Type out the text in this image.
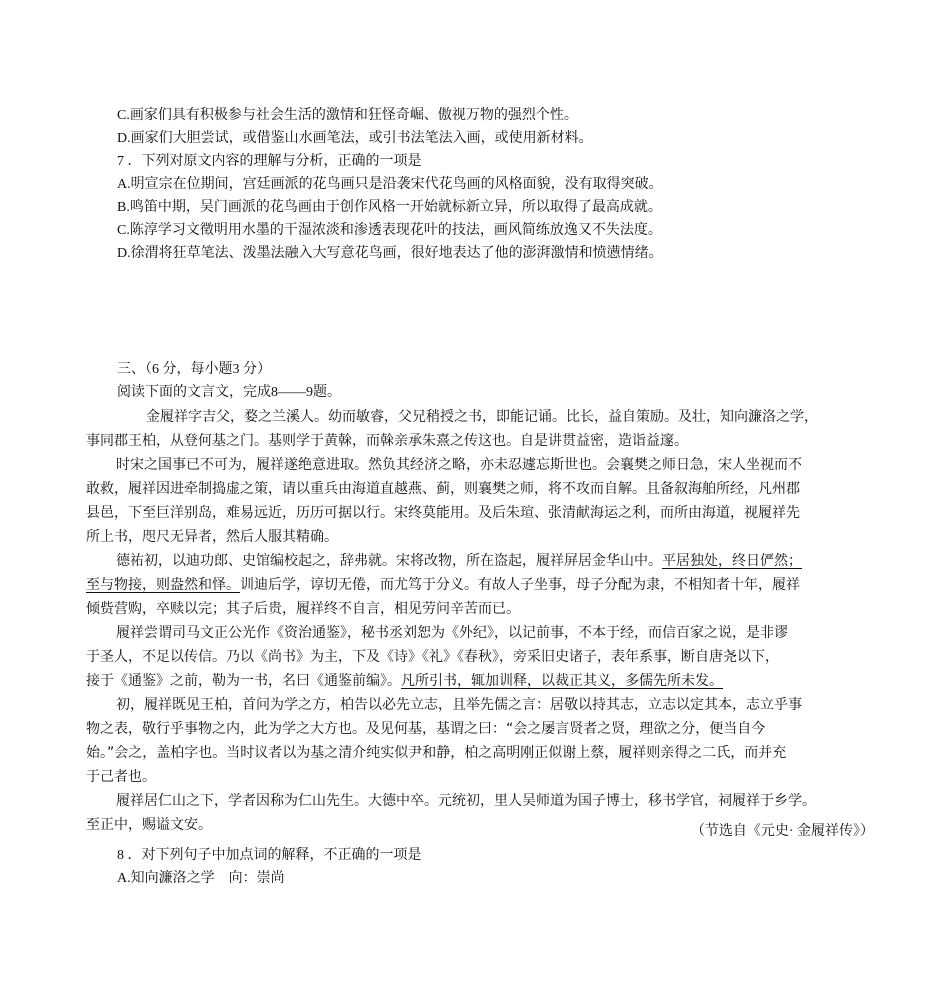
C.画家们具有积极参与社会生活的激情和狂怪奇崛、傲视万物的强烈个性。
D.画家们大胆尝试，或借鉴山水画笔法，或引书法笔法入画，或使用新材料。
7 ．下列对原文内容的理解与分析，正确的一项是
A.明宣宗在位期间，宫廷画派的花鸟画只是沿袭宋代花鸟画的风格面貌，没有取得突破。
B.鸣笛中期，吴门画派的花鸟画由于创作风格一开始就标新立异，所以取得了最高成就。
C.陈淳学习文徵明用水墨的干湿浓淡和渗透表现花叶的技法，画风简练放逸又不失法度。
D.徐渭将狂草笔法、泼墨法融入大写意花鸟画，很好地表达了他的澎湃激情和愤懑情绪。
三、（6 分，每小题3 分）
阅读下面的文言文，完成8——9题。
金履祥字吉父，婺之兰溪人。幼而敏睿，父兄稍授之书，即能记诵。比长，益自策励。及壮，知向濂洛之学，
事同郡王柏，从登何基之门。基则学于黄榦，而榦亲承朱熹之传这也。自是讲贯益密，造诣益邃。
时宋之国事已不可为，履祥遂绝意进取。然负其经济之略，亦未忍遽忘斯世也。会襄樊之师日急，宋人坐视而不
敢救，履祥因进牵制捣虚之策，请以重兵由海道直越燕、蓟，则襄樊之师，将不攻而自解。且备叙海舶所经，凡州郡
县邑，下至巨洋别岛，难易远近，历历可据以行。宋终莫能用。及后朱瑄、张清献海运之利，而所由海道，视履祥先
所上书，咫尺无异者，然后人服其精确。
德祐初，以迪功郎、史馆编校起之，辞弗就。宋将改物，所在盗起，履祥屏居金华山中。平居独处，终日俨然；
至与物接，则盎然和怿。训迪后学，谆切无倦，而尤笃于分义。有故人子坐事，母子分配为隶，不相知者十年，履祥
倾赀营购，卒赎以完；其子后贵，履祥终不自言，相见劳问辛苦而已。
履祥尝谓司马文正公光作《资治通鉴》，秘书丞刘恕为《外纪》，以记前事，不本于经，而信百家之说，是非谬
于圣人，不足以传信。乃以《尚书》为主，下及《诗》《礼》《春秋》，旁采旧史诸子，表年系事，断自唐尧以下，
接于《通鉴》之前，勒为一书，名曰《通鉴前编》。凡所引书，辄加训释，以裁正其义，多儒先所未发。
初，履祥既见王柏，首问为学之方，柏告以必先立志，且举先儒之言：居敬以持其志，立志以定其本，志立乎事
物之表，敬行乎事物之内，此为学之大方也。及见何基，基谓之曰：“会之屡言贤者之贤，理欲之分，便当自今
始。”会之，盖柏字也。当时议者以为基之清介纯实似尹和静，柏之高明刚正似谢上蔡，履祥则亲得之二氏，而并充
于己者也。
履祥居仁山之下，学者因称为仁山先生。大德中卒。元统初，里人吴师道为国子博士，移书学官，祠履祥于乡学。
至正中，赐谥文安。	（节选自《元史· 金履祥传》）
8 ．对下列句子中加点词的解释，不正确的一项是
A.知向濂洛之学　向：崇尚
